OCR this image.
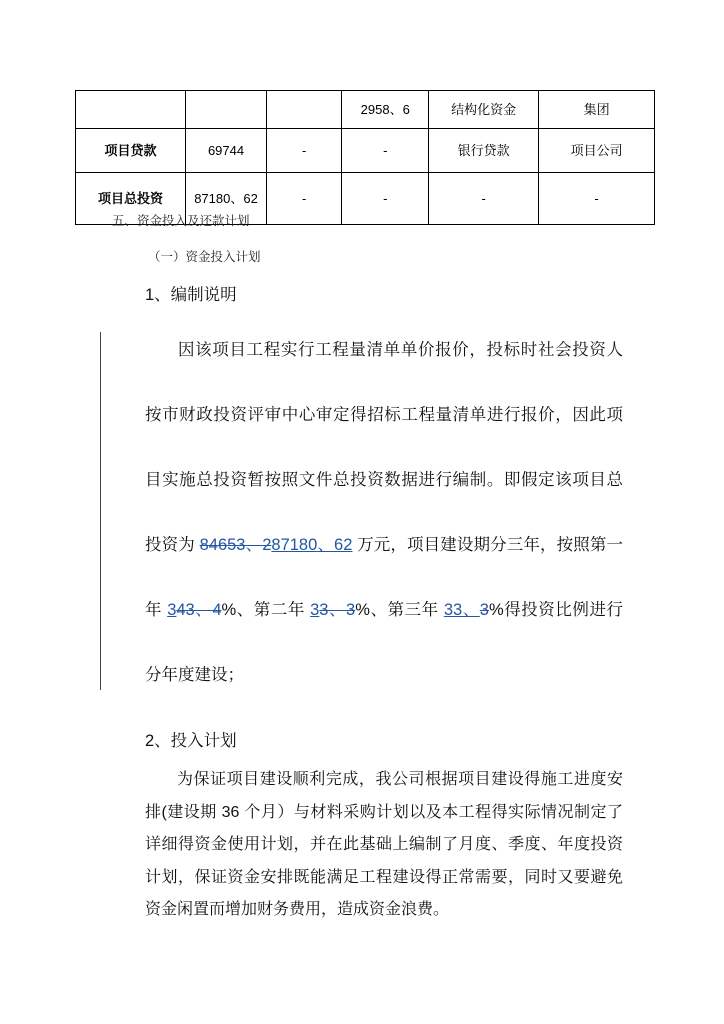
			2958、6	结构化资金	集团
项目贷款	69744	-	-	银行贷款	项目公司
项目总投资	87180、62	-	-	-	-
五、资金投入及还款计划
（一）资金投入计划
1、编制说明
因该项目工程实行工程量清单单价报价，投标时社会投资人按市财政投资评审中心审定得招标工程量清单进行报价，因此项目实施总投资暂按照文件总投资数据进行编制。即假定该项目总投资为 84653、287180、62 万元，项目建设期分三年，按照第一年 343、4%、第二年 33、3%、第三年 33、3%得投资比例进行分年度建设；
2、投入计划
为保证项目建设顺利完成，我公司根据项目建设得施工进度安排(建设期 36 个月）与材料采购计划以及本工程得实际情况制定了详细得资金使用计划，并在此基础上编制了月度、季度、年度投资计划，保证资金安排既能满足工程建设得正常需要，同时又要避免资金闲置而增加财务费用，造成资金浪费。
